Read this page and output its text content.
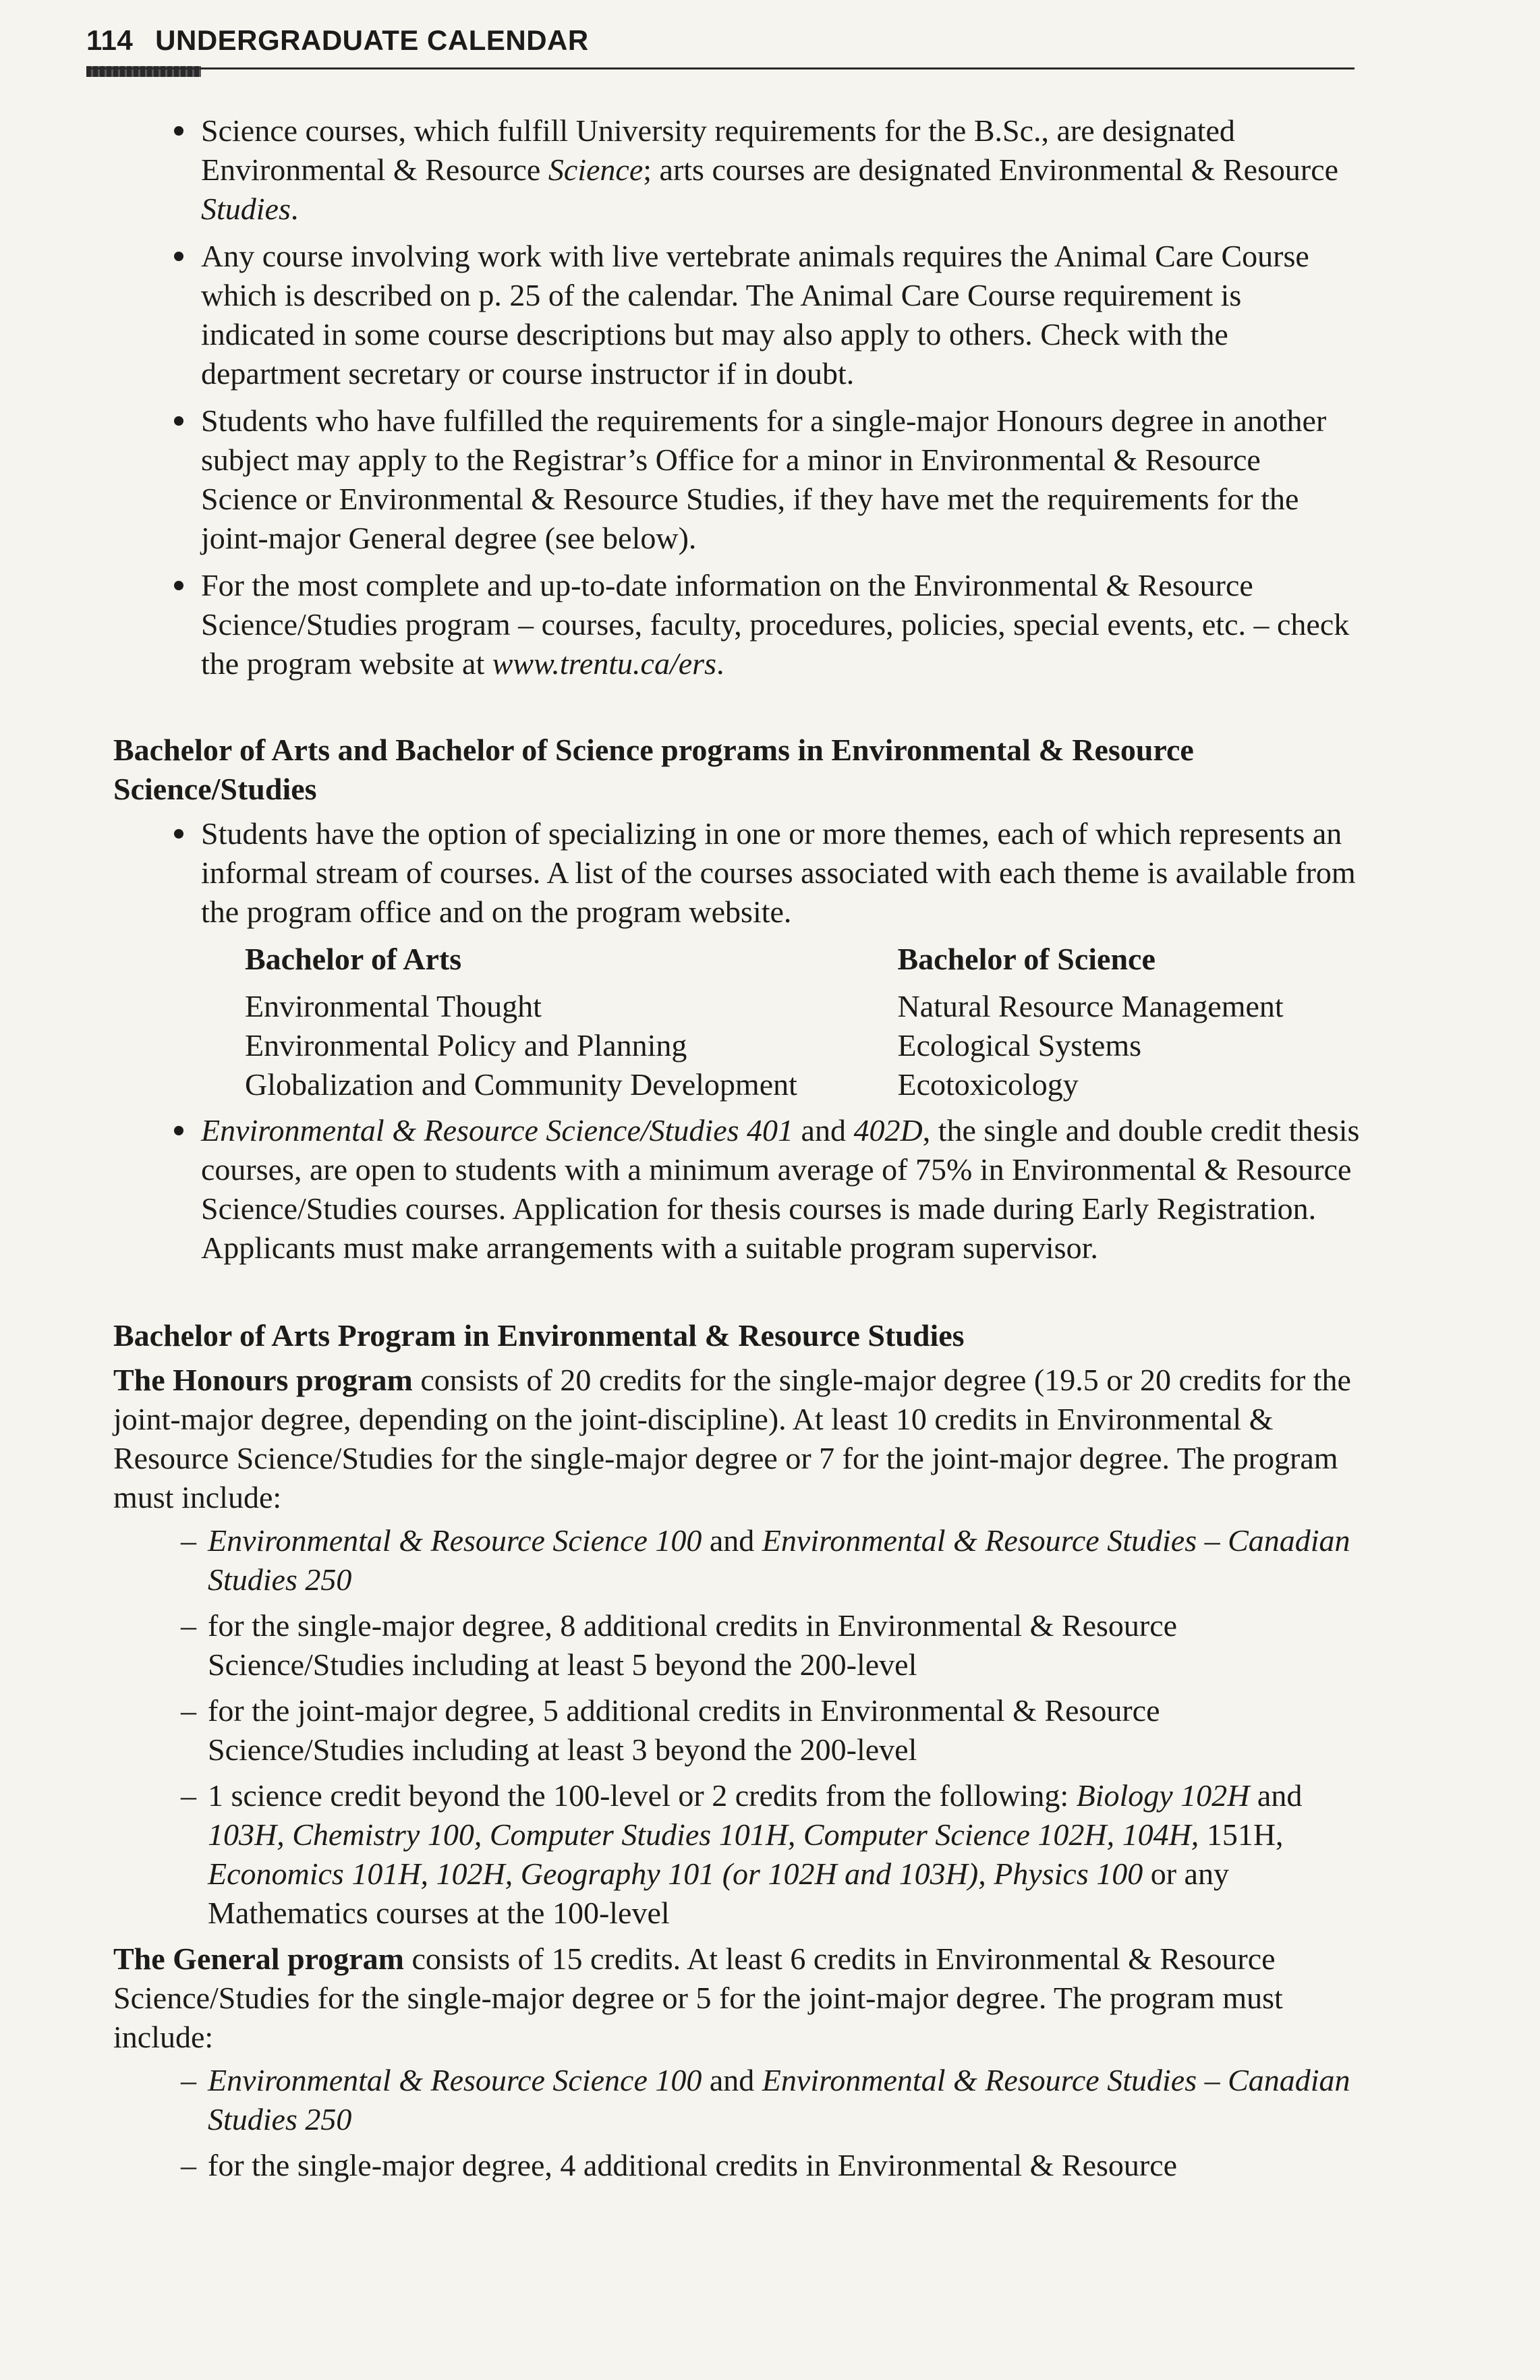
114 UNDERGRADUATE CALENDAR
Science courses, which fulfill University requirements for the B.Sc., are designated Environmental & Resource Science; arts courses are designated Environmental & Resource Studies.
Any course involving work with live vertebrate animals requires the Animal Care Course which is described on p. 25 of the calendar. The Animal Care Course requirement is indicated in some course descriptions but may also apply to others. Check with the department secretary or course instructor if in doubt.
Students who have fulfilled the requirements for a single-major Honours degree in another subject may apply to the Registrar’s Office for a minor in Environmental & Resource Science or Environmental & Resource Studies, if they have met the requirements for the joint-major General degree (see below).
For the most complete and up-to-date information on the Environmental & Resource Science/Studies program – courses, faculty, procedures, policies, special events, etc. – check the program website at www.trentu.ca/ers.
Bachelor of Arts and Bachelor of Science programs in Environmental & Resource Science/Studies
Students have the option of specializing in one or more themes, each of which represents an informal stream of courses. A list of the courses associated with each theme is available from the program office and on the program website.
Bachelor of Arts
Environmental Thought
Environmental Policy and Planning
Globalization and Community Development
Bachelor of Science
Natural Resource Management
Ecological Systems
Ecotoxicology
Environmental & Resource Science/Studies 401 and 402D, the single and double credit thesis courses, are open to students with a minimum average of 75% in Environmental & Resource Science/Studies courses. Application for thesis courses is made during Early Registration. Applicants must make arrangements with a suitable program supervisor.
Bachelor of Arts Program in Environmental & Resource Studies
The Honours program consists of 20 credits for the single-major degree (19.5 or 20 credits for the joint-major degree, depending on the joint-discipline). At least 10 credits in Environmental & Resource Science/Studies for the single-major degree or 7 for the joint-major degree. The program must include:
– Environmental & Resource Science 100 and Environmental & Resource Studies – Canadian Studies 250
– for the single-major degree, 8 additional credits in Environmental & Resource Science/Studies including at least 5 beyond the 200-level
– for the joint-major degree, 5 additional credits in Environmental & Resource Science/Studies including at least 3 beyond the 200-level
– 1 science credit beyond the 100-level or 2 credits from the following: Biology 102H and 103H, Chemistry 100, Computer Studies 101H, Computer Science 102H, 104H, 151H, Economics 101H, 102H, Geography 101 (or 102H and 103H), Physics 100 or any Mathematics courses at the 100-level
The General program consists of 15 credits. At least 6 credits in Environmental & Resource Science/Studies for the single-major degree or 5 for the joint-major degree. The program must include:
– Environmental & Resource Science 100 and Environmental & Resource Studies – Canadian Studies 250
– for the single-major degree, 4 additional credits in Environmental & Resource
